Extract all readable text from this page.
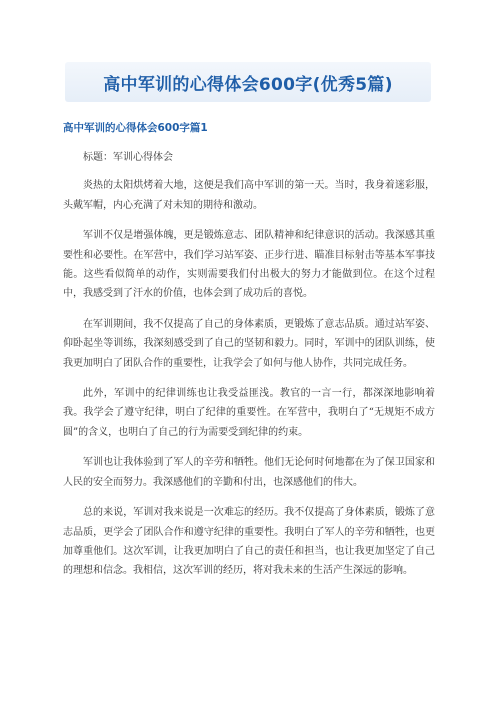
高中军训的心得体会600字(优秀5篇)
高中军训的心得体会600字篇1

标题：军训心得体会

炎热的太阳烘烤着大地，这便是我们高中军训的第一天。当时，我身着迷彩服，头戴军帽，内心充满了对未知的期待和激动。

军训不仅是增强体魄，更是锻炼意志、团队精神和纪律意识的活动。我深感其重要性和必要性。在军营中，我们学习站军姿、正步行进、瞄准目标射击等基本军事技能。这些看似简单的动作，实则需要我们付出极大的努力才能做到位。在这个过程中，我感受到了汗水的价值，也体会到了成功后的喜悦。

在军训期间，我不仅提高了自己的身体素质，更锻炼了意志品质。通过站军姿、仰卧起坐等训练，我深刻感受到了自己的坚韧和毅力。同时，军训中的团队训练，使我更加明白了团队合作的重要性，让我学会了如何与他人协作，共同完成任务。

此外，军训中的纪律训练也让我受益匪浅。教官的一言一行，都深深地影响着我。我学会了遵守纪律，明白了纪律的重要性。在军营中，我明白了“无规矩不成方圆”的含义，也明白了自己的行为需要受到纪律的约束。

军训也让我体验到了军人的辛劳和牺牲。他们无论何时何地都在为了保卫国家和人民的安全而努力。我深感他们的辛勤和付出，也深感他们的伟大。

总的来说，军训对我来说是一次难忘的经历。我不仅提高了身体素质，锻炼了意志品质，更学会了团队合作和遵守纪律的重要性。我明白了军人的辛劳和牺牲，也更加尊重他们。这次军训，让我更加明白了自己的责任和担当，也让我更加坚定了自己的理想和信念。我相信，这次军训的经历，将对我未来的生活产生深远的影响。
